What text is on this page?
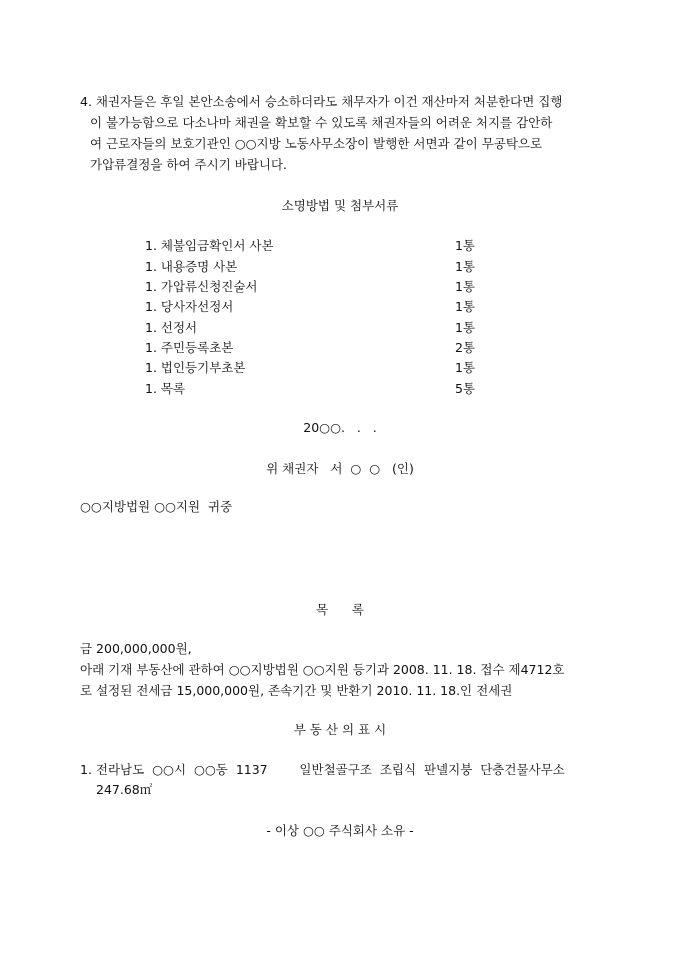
4. 채권자들은 후일 본안소송에서 승소하더라도 채무자가 이건 재산마저 처분한다면 집행
이 불가능함으로 다소나마 채권을 확보할 수 있도록 채권자들의 어려운 처지를 감안하
여 근로자들의 보호기관인 ○○지방 노동사무소장이 발행한 서면과 같이 무공탁으로
가압류결정을 하여 주시기 바랍니다.
소명방법 및 첨부서류
1. 체불임금확인서 사본	1통
1. 내용증명 사본	1통
1. 가압류신청진술서	1통
1. 당사자선정서	1통
1. 선정서	1통
1. 주민등록초본	2통
1. 법인등기부초본	1통
1. 목록	5통
20○○.   .   .
위 채권자   서  ○  ○   (인)
○○지방법원 ○○지원  귀중
목      록
금 200,000,000원,
아래 기재 부동산에 관하여 ○○지방법원 ○○지원 등기과 2008. 11. 18. 접수 제4712호
로 설정된 전세금 15,000,000원, 존속기간 및 반환기 2010. 11. 18.인 전세권
부 동 산 의 표 시
1. 전라남도  ○○시  ○○동  1137        일반철골구조  조립식  판넬지붕  단층건물사무소
247.68㎡
- 이상 ○○ 주식회사 소유 -
